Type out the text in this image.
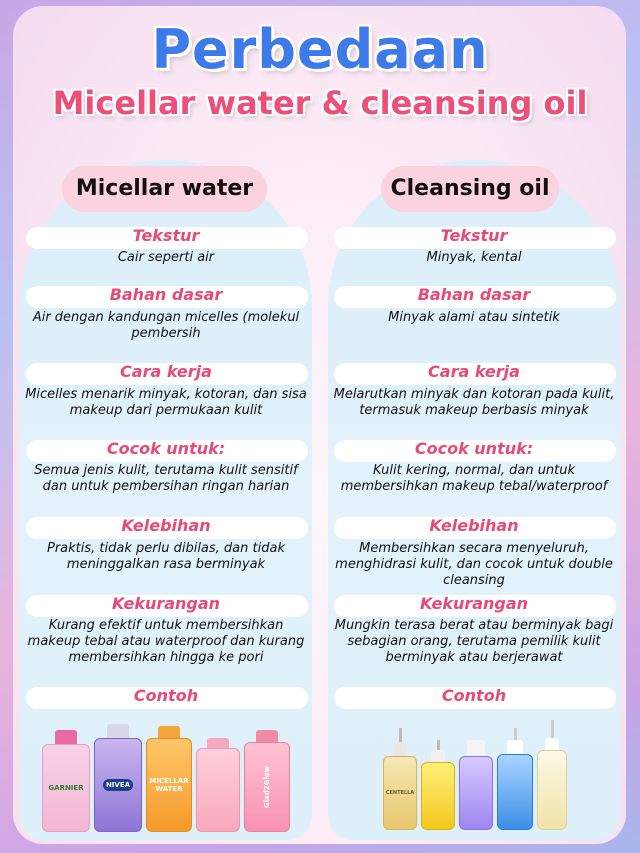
Perbedaan
Micellar water & cleansing oil
Micellar water
Tekstur
Cair seperti air
Bahan dasar
Air dengan kandungan micelles (molekul pembersih
Cara kerja
Micelles menarik minyak, kotoran, dan sisa makeup dari permukaan kulit
Cocok untuk:
Semua jenis kulit, terutama kulit sensitif dan untuk pembersihan ringan harian
Kelebihan
Praktis, tidak perlu dibilas, dan tidak meninggalkan rasa berminyak
Kekurangan
Kurang efektif untuk membersihkan makeup tebal atau waterproof dan kurang membersihkan hingga ke pori
Contoh
GARNIER	NIVEA	MICELLAR WATER	Glad2Glow
Cleansing oil
Tekstur
Minyak, kental
Bahan dasar
Minyak alami atau sintetik
Cara kerja
Melarutkan minyak dan kotoran pada kulit, termasuk makeup berbasis minyak
Cocok untuk:
Kulit kering, normal, dan untuk membersihkan makeup tebal/waterproof
Kelebihan
Membersihkan secara menyeluruh, menghidrasi kulit, dan cocok untuk double cleansing
Kekurangan
Mungkin terasa berat atau berminyak bagi sebagian orang, terutama pemilik kulit berminyak atau berjerawat
Contoh
CENTELLA
